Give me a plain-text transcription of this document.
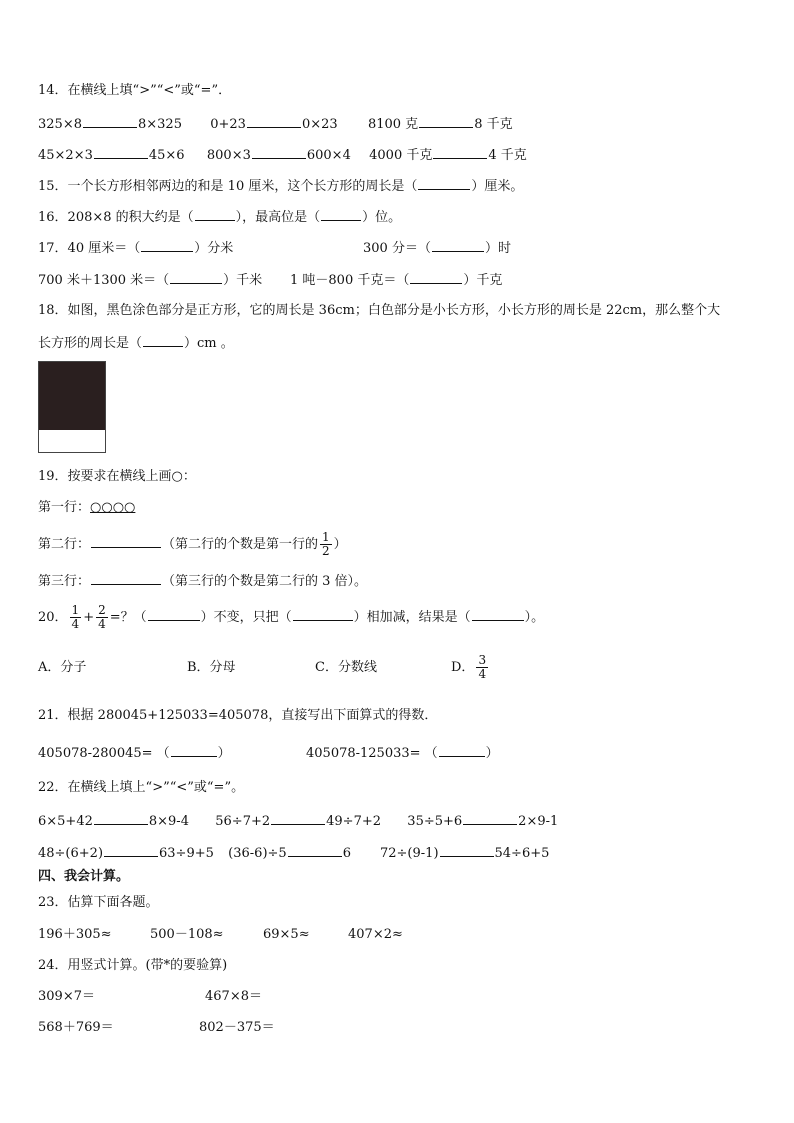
14．在横线上填“>”“<”或“=”．
325×8	8×325 0+23	0×23 8100 克	8 千克
45×2×3	45×6 800×3	600×4 4000 千克	4 千克
15．一个长方形相邻两边的和是 10 厘米，这个长方形的周长是（	）厘米。
16．208×8 的积大约是（	），最高位是（	）位。
17．40 厘米＝（	）分米	300 分＝（	）时
700 米＋1300 米＝（	）千米 1 吨－800 千克＝（	）千克
18．如图，黑色涂色部分是正方形，它的周长是 36cm；白色部分是小长方形，小长方形的周长是 22cm，那么整个大
长方形的周长是（	）cm 。
19．按要求在横线上画○：
第一行：○○○○
第二行：	（第二行的个数是第一行的 $\frac{1}{2}$ ）
第三行：	（第三行的个数是第二行的 3 倍）。
20． $\frac{1}{4} + \frac{2}{4}$ =？（	）不变，只把（	）相加减，结果是（	）。
A．分子	B．分母	C．分数线	D． $\frac{3}{4}$
21．根据 280045+125033=405078，直接写出下面算式的得数．
405078-280045= （	）	405078-125033= （	）
22．在横线上填上“>”“<”或“=”。
6×5+42	8×9-4 56÷7+2	49÷7+2 35÷5+6	2×9-1
48÷(6+2)	63÷9+5 (36-6)÷5	6 72÷(9-1)	54÷6+5
四、我会计算。
23．估算下面各题。
196＋305≈	500－108≈	69×5≈	407×2≈
24．用竖式计算。(带*的要验算)
309×7＝	467×8＝
568＋769＝	802－375＝
